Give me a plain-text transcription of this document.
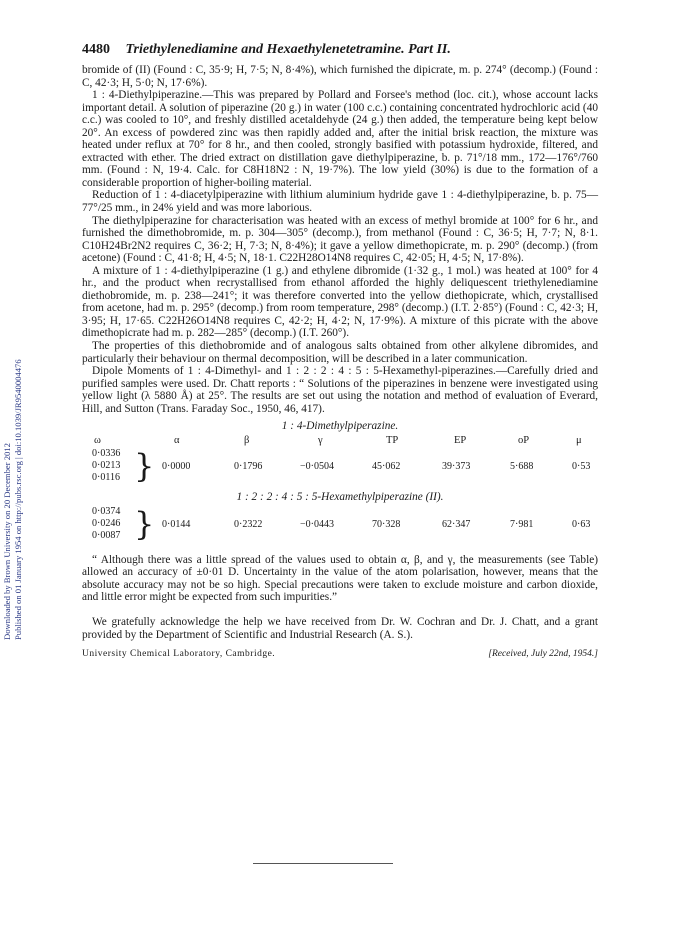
Downloaded by Brown University on 20 December 2012 Published on 01 January 1954 on http://pubs.rsc.org | doi:10.1039/JR9540004476
4480 Triethylenediamine and Hexaethylenetetramine. Part II.

bromide of (II) (Found : C, 35·9; H, 7·5; N, 8·4%), which furnished the dipicrate, m. p. 274° (decomp.) (Found : C, 42·3; H, 5·0; N, 17·6%).

1 : 4-Diethylpiperazine.—This was prepared by Pollard and Forsee's method (loc. cit.), whose account lacks important detail. A solution of piperazine (20 g.) in water (100 c.c.) containing concentrated hydrochloric acid (40 c.c.) was cooled to 10°, and freshly distilled acetaldehyde (24 g.) then added, the temperature being kept below 20°. An excess of powdered zinc was then rapidly added and, after the initial brisk reaction, the mixture was heated under reflux at 70° for 8 hr., and then cooled, strongly basified with potassium hydroxide, filtered, and extracted with ether. The dried extract on distillation gave diethylpiperazine, b. p. 71°/18 mm., 172—176°/760 mm. (Found : N, 19·4. Calc. for C8H18N2 : N, 19·7%). The low yield (30%) is due to the formation of a considerable proportion of higher-boiling material.

Reduction of 1 : 4-diacetylpiperazine with lithium aluminium hydride gave 1 : 4-diethylpiperazine, b. p. 75—77°/25 mm., in 24% yield and was more laborious.

The diethylpiperazine for characterisation was heated with an excess of methyl bromide at 100° for 6 hr., and furnished the dimethobromide, m. p. 304—305° (decomp.), from methanol (Found : C, 36·5; H, 7·7; N, 8·1. C10H24Br2N2 requires C, 36·2; H, 7·3; N, 8·4%); it gave a yellow dimethopicrate, m. p. 290° (decomp.) (from acetone) (Found : C, 41·8; H, 4·5; N, 18·1. C22H28O14N8 requires C, 42·05; H, 4·5; N, 17·8%).

A mixture of 1 : 4-diethylpiperazine (1 g.) and ethylene dibromide (1·32 g., 1 mol.) was heated at 100° for 4 hr., and the product when recrystallised from ethanol afforded the highly deliquescent triethylenediamine diethobromide, m. p. 238—241°; it was therefore converted into the yellow diethopicrate, which, crystallised from acetone, had m. p. 295° (decomp.) from room temperature, 298° (decomp.) (I.T. 2·85°) (Found : C, 42·3; H, 3·95; H, 17·65. C22H26O14N8 requires C, 42·2; H, 4·2; N, 17·9%). A mixture of this picrate with the above dimethopicrate had m. p. 282—285° (decomp.) (I.T. 260°).

The properties of this diethobromide and of analogous salts obtained from other alkylene dibromides, and particularly their behaviour on thermal decomposition, will be described in a later communication.

Dipole Moments of 1 : 4-Dimethyl- and 1 : 2 : 2 : 4 : 5 : 5-Hexamethyl-piperazines.—Carefully dried and purified samples were used. Dr. Chatt reports : “ Solutions of the piperazines in benzene were investigated using yellow light (λ 5880 Å) at 25°. The results are set out using the notation and method of evaluation of Everard, Hill, and Sutton (Trans. Faraday Soc., 1950, 46, 417).

1 : 4-Dimethylpiperazine.
ω	α	β	γ	TP	EP	oP	μ
0·0336
0·0213
0·0116 } 0·0000	0·1796	−0·0504	45·062	39·373	5·688	0·53
1 : 2 : 2 : 4 : 5 : 5-Hexamethylpiperazine (II).
0·0374
0·0246
0·0087 } 0·0144	0·2322	−0·0443	70·328	62·347	7·981	0·63

“ Although there was a little spread of the values used to obtain α, β, and γ, the measurements (see Table) allowed an accuracy of ±0·01 D. Uncertainty in the value of the atom polarisation, however, means that the absolute accuracy may not be so high. Special precautions were taken to exclude moisture and carbon dioxide, and little error might be expected from such impurities.”

We gratefully acknowledge the help we have received from Dr. W. Cochran and Dr. J. Chatt, and a grant provided by the Department of Scientific and Industrial Research (A. S.).

University Chemical Laboratory, Cambridge.	[Received, July 22nd, 1954.]
